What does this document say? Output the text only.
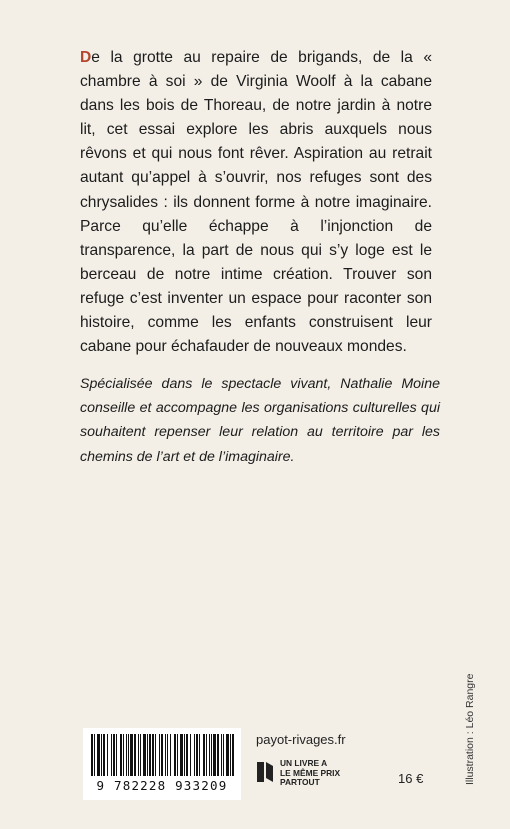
De la grotte au repaire de brigands, de la « chambre à soi » de Virginia Woolf à la cabane dans les bois de Thoreau, de notre jardin à notre lit, cet essai explore les abris auxquels nous rêvons et qui nous font rêver. Aspiration au retrait autant qu’appel à s’ouvrir, nos refuges sont des chrysalides : ils donnent forme à notre imaginaire. Parce qu’elle échappe à l’injonction de transparence, la part de nous qui s’y loge est le berceau de notre intime création. Trouver son refuge c’est inventer un espace pour raconter son histoire, comme les enfants construisent leur cabane pour échafauder de nouveaux mondes.

Spécialisée dans le spectacle vivant, Nathalie Moine conseille et accompagne les organisations culturelles qui souhaitent repenser leur relation au territoire par les chemins de l’art et de l’imaginaire.

9 782228 933209
payot-rivages.fr
UN LIVRE A
LE MÊME PRIX
PARTOUT	16 €	Illustration : Léo Rangre
